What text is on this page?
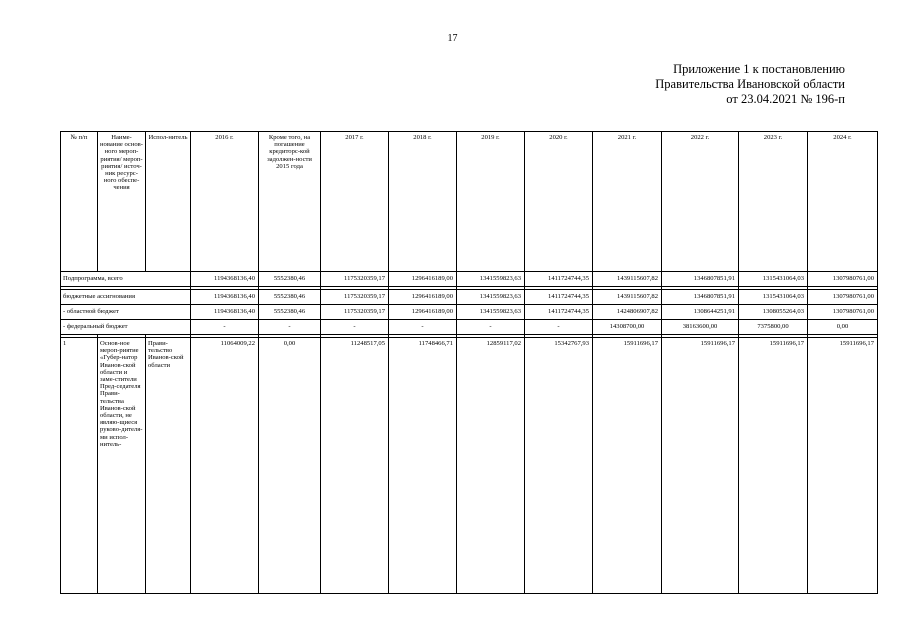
17
Приложение 1 к постановлению
Правительства Ивановской области
от 23.04.2021 № 196-п
№ п/п	Наиме-нование основ-ного мероп-риятия/ мероп-риятия/ источ-ник ресурс-ного обеспе-чения	Испол-нитель	2016 г.	Кроме того, на погашение кредиторс-кой задолжен-ности 2015 года	2017 г.	2018 г.	2019 г.	2020 г.	2021 г.	2022 г.	2023 г.	2024 г.
Подпрограмма, всего			1194368136,40	5552380,46	1175320359,17	1296416189,00	1341559823,63	1411724744,35	1439115607,82	1346807851,91	1315431064,03	1307980761,00

бюджетные ассигнования			1194368136,40	5552380,46	1175320359,17	1296416189,00	1341559823,63	1411724744,35	1439115607,82	1346807851,91	1315431064,03	1307980761,00
- областной бюджет			1194368136,40	5552380,46	1175320359,17	1296416189,00	1341559823,63	1411724744,35	1424806907,82	1308644251,91	1308055264,03	1307980761,00
- федеральный бюджет			-	-	-	-	-	-	14308700,00	38163600,00	7375800,00	0,00

1	Основ-ное мероп-риятие «Губер-натор Иванов-ской области и заме-стители Пред-седателя Прави-тельства Иванов-ской области, не являю-щиеся руково-дителя-ми испол-нитель-	Прави-тельство Иванов-ской области	11064009,22	0,00	11248517,05	11748466,71	12859117,02	15342767,93	15911696,17	15911696,17	15911696,17	15911696,17
